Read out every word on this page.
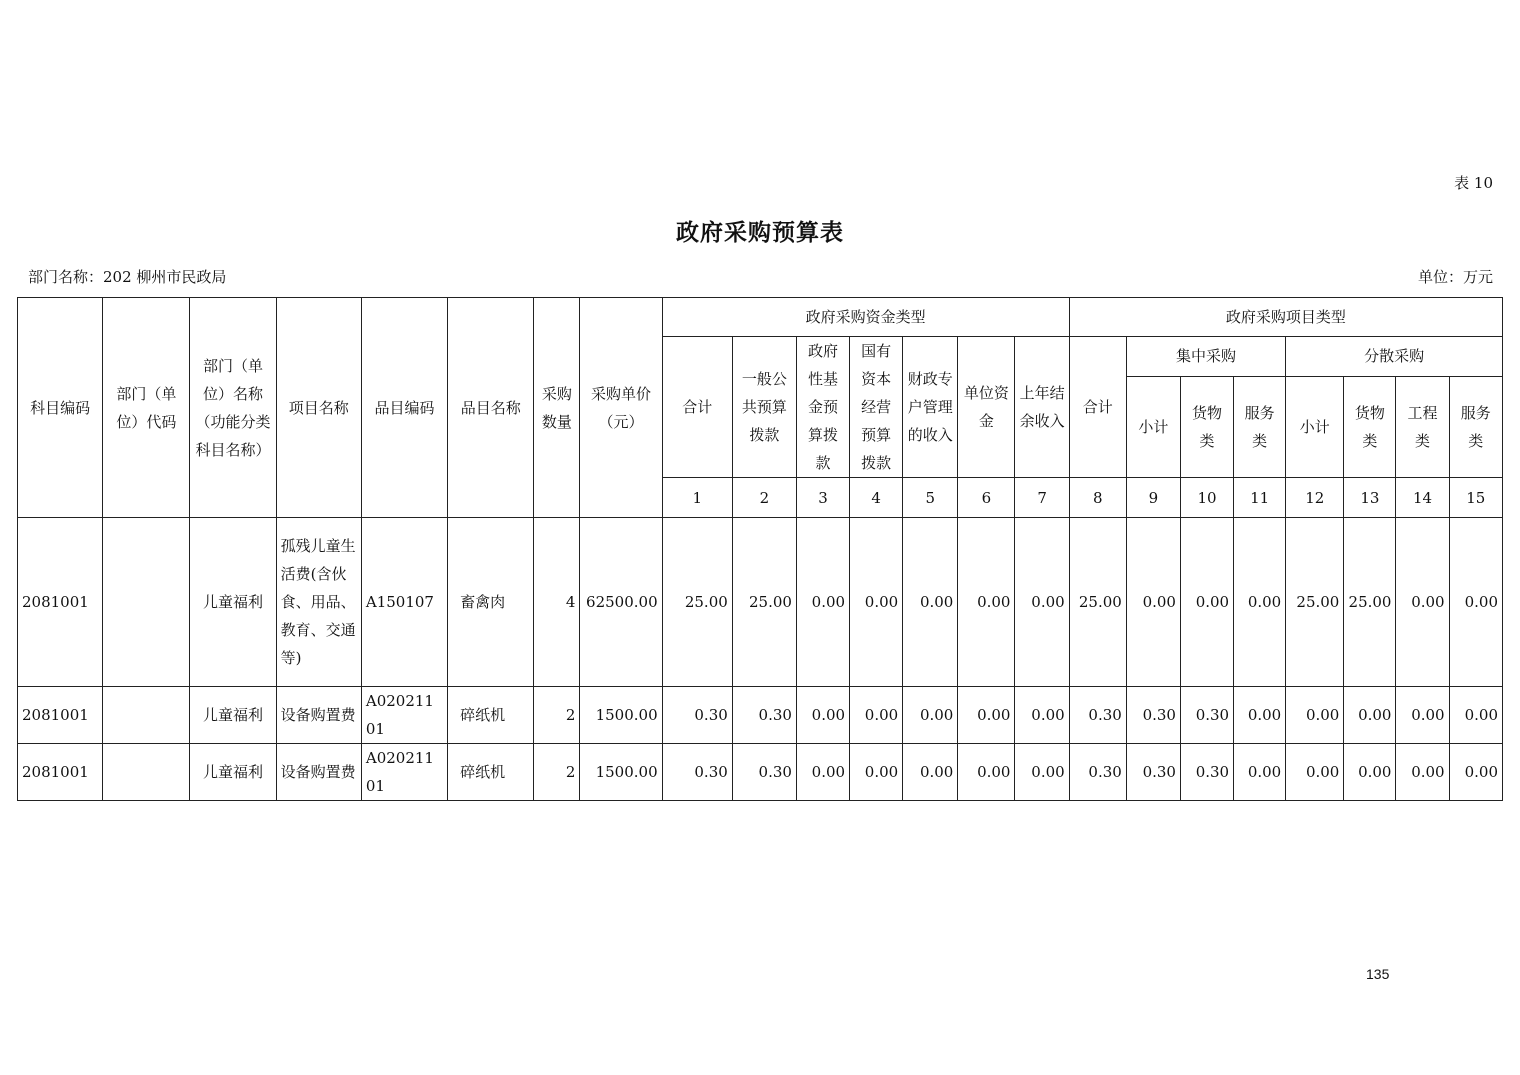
表 10
政府采购预算表
部门名称：202 柳州市民政局	单位：万元
科目编码	部门（单位）代码	部门（单位）名称（功能分类科目名称）	项目名称	品目编码	品目名称	采购数量	采购单价（元）	政府采购资金类型							政府采购项目类型							
								合计	一般公共预算拨款	政府性基金预算拨款	国有资本经营预算拨款	财政专户管理的收入	单位资金	上年结余收入	合计	集中采购			分散采购			
																小计	货物类	服务类	小计	货物类	工程类	服务类
								1	2	3	4	5	6	7	8	9	10	11	12	13	14	15
2081001		儿童福利	孤残儿童生活费(含伙食、用品、教育、交通等)	A150107	畜禽肉	4	62500.00	25.00	25.00	0.00	0.00	0.00	0.00	0.00	25.00	0.00	0.00	0.00	25.00	25.00	0.00	0.00
2081001		儿童福利	设备购置费	A02021101	碎纸机	2	1500.00	0.30	0.30	0.00	0.00	0.00	0.00	0.00	0.30	0.30	0.30	0.00	0.00	0.00	0.00	0.00
2081001		儿童福利	设备购置费	A02021101	碎纸机	2	1500.00	0.30	0.30	0.00	0.00	0.00	0.00	0.00	0.30	0.30	0.30	0.00	0.00	0.00	0.00	0.00
135
